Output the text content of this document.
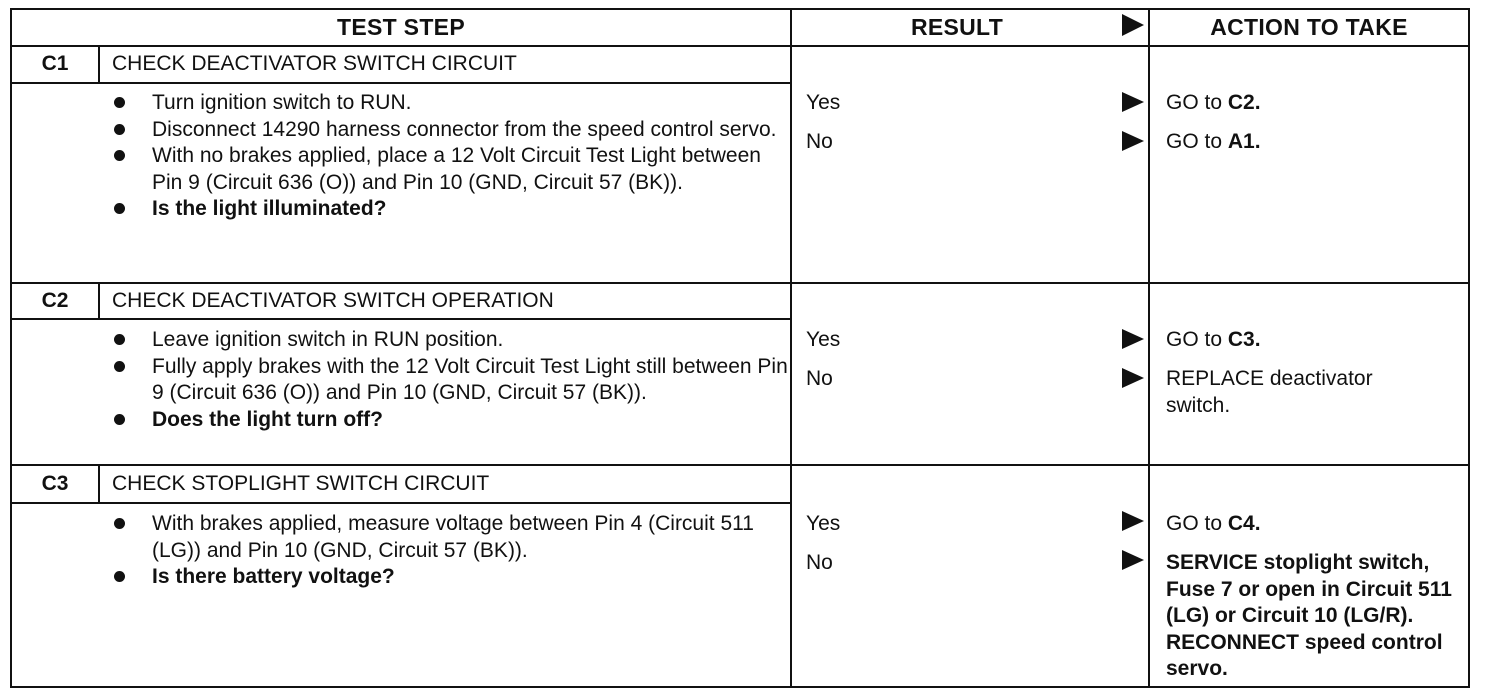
TEST STEP	RESULT	ACTION TO TAKE
C1	CHECK DEACTIVATOR SWITCH CIRCUIT
Turn ignition switch to RUN.
Disconnect 14290 harness connector from the speed control servo.
With no brakes applied, place a 12 Volt Circuit Test Light between Pin 9 (Circuit 636 (O)) and Pin 10 (GND, Circuit 57 (BK)).
Is the light illuminated?
Yes	GO to C2.
No	GO to A1.
C2	CHECK DEACTIVATOR SWITCH OPERATION
Leave ignition switch in RUN position.
Fully apply brakes with the 12 Volt Circuit Test Light still between Pin 9 (Circuit 636 (O)) and Pin 10 (GND, Circuit 57 (BK)).
Does the light turn off?
Yes	GO to C3.
No	REPLACE deactivator switch.
C3	CHECK STOPLIGHT SWITCH CIRCUIT
With brakes applied, measure voltage between Pin 4 (Circuit 511 (LG)) and Pin 10 (GND, Circuit 57 (BK)).
Is there battery voltage?
Yes	GO to C4.
No	SERVICE stoplight switch, Fuse 7 or open in Circuit 511 (LG) or Circuit 10 (LG/R). RECONNECT speed control servo.
